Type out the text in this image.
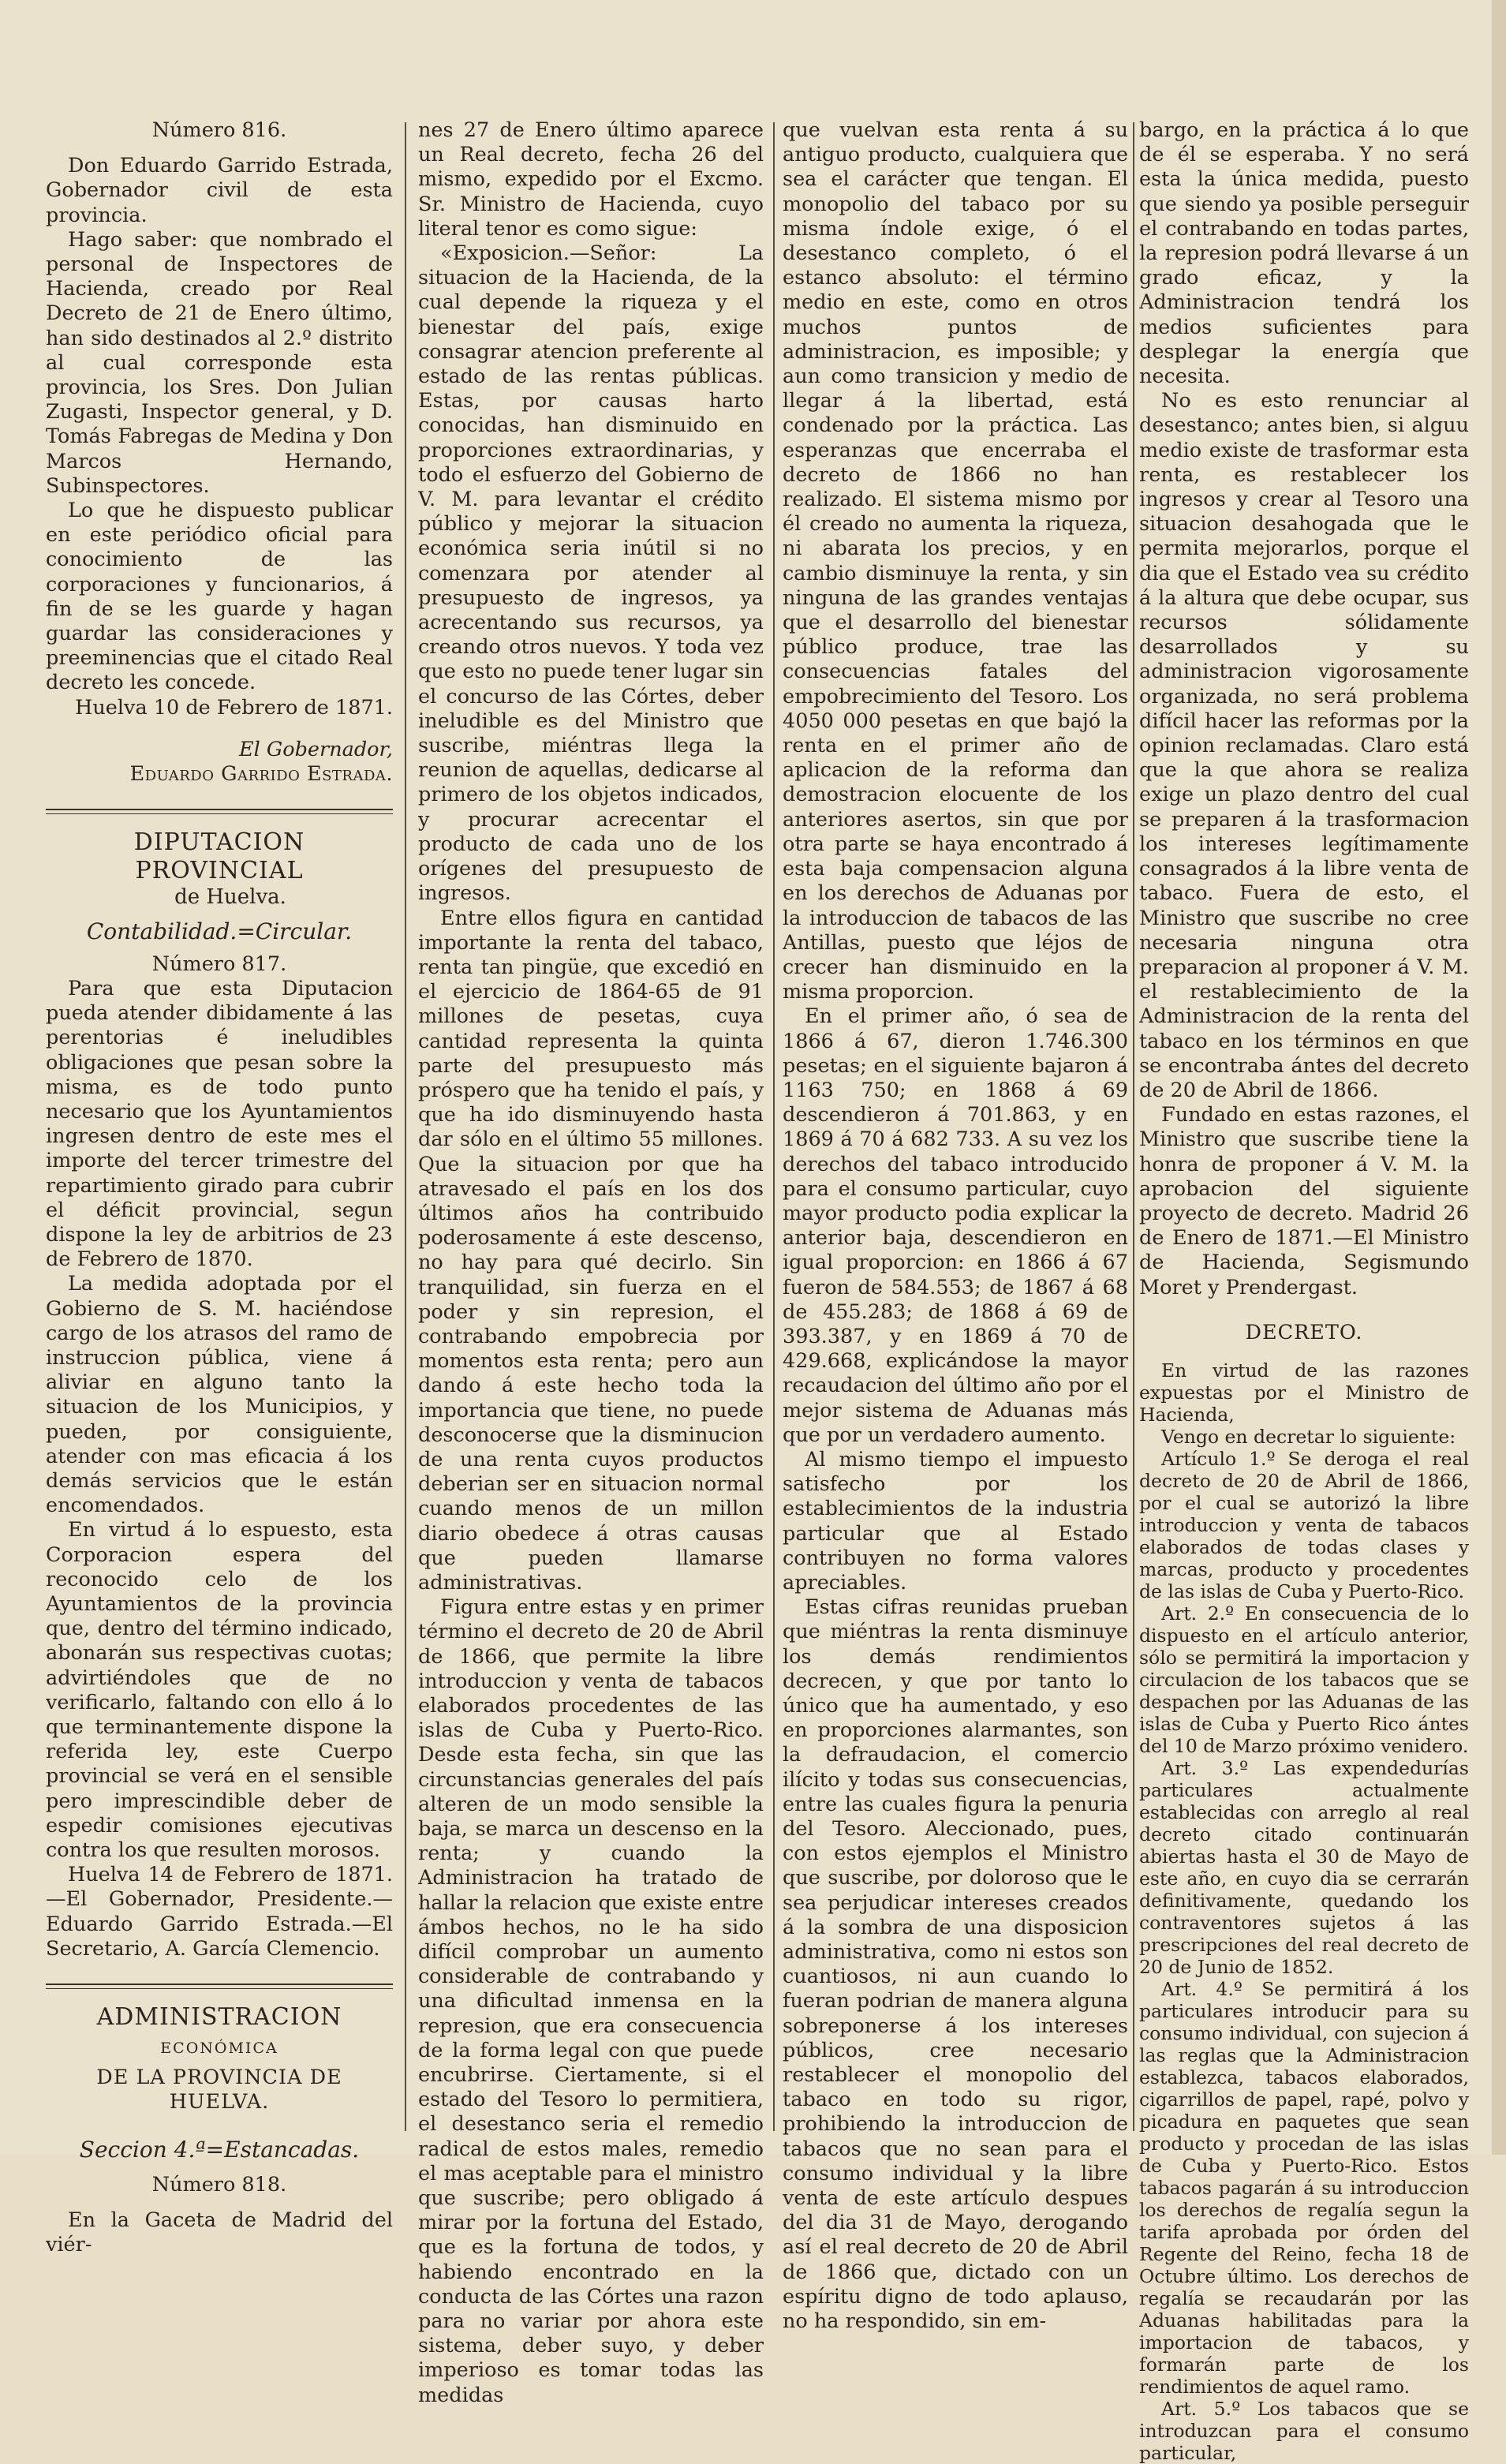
Número 816.

Don Eduardo Garrido Estrada, Gobernador civil de esta provincia.

Hago saber: que nombrado el personal de Inspectores de Hacienda, creado por Real Decreto de 21 de Enero último, han sido destinados al 2.º distrito al cual corresponde esta provincia, los Sres. Don Julian Zugasti, Inspector general, y D. Tomás Fabregas de Medina y Don Marcos Hernando, Subinspectores.

Lo que he dispuesto publicar en este periódico oficial para conocimiento de las corporaciones y funcionarios, á fin de se les guarde y hagan guardar las consideraciones y preeminencias que el citado Real decreto les concede.

Huelva 10 de Febrero de 1871.

El Gobernador,

Eduardo Garrido Estrada.

DIPUTACION PROVINCIAL

de Huelva.

Contabilidad.=Circular.

Número 817.

Para que esta Diputacion pueda atender dibidamente á las perentorias é ineludibles obligaciones que pesan sobre la misma, es de todo punto necesario que los Ayuntamientos ingresen dentro de este mes el importe del tercer trimestre del repartimiento girado para cubrir el déficit provincial, segun dispone la ley de arbitrios de 23 de Febrero de 1870.

La medida adoptada por el Gobierno de S. M. haciéndose cargo de los atrasos del ramo de instruccion pública, viene á aliviar en alguno tanto la situacion de los Municipios, y pueden, por consiguiente, atender con mas eficacia á los demás servicios que le están encomendados.

En virtud á lo espuesto, esta Corporacion espera del reconocido celo de los Ayuntamientos de la provincia que, dentro del término indicado, abonarán sus respectivas cuotas; advirtiéndoles que de no verificarlo, faltando con ello á lo que terminantemente dispone la referida ley, este Cuerpo provincial se verá en el sensible pero imprescindible deber de espedir comisiones ejecutivas contra los que resulten morosos.

Huelva 14 de Febrero de 1871.—El Gobernador, Presidente.—Eduardo Garrido Estrada.—El Secretario, A. García Clemencio.

ADMINISTRACION

ECONÓMICA

DE LA PROVINCIA DE HUELVA.

Seccion 4.ª=Estancadas.

Número 818.

En la Gaceta de Madrid del viér-

nes 27 de Enero último aparece un Real decreto, fecha 26 del mismo, expedido por el Excmo. Sr. Ministro de Hacienda, cuyo literal tenor es como sigue:

«Exposicion.—Señor: La situacion de la Hacienda, de la cual depende la riqueza y el bienestar del país, exige consagrar atencion preferente al estado de las rentas públicas. Estas, por causas harto conocidas, han disminuido en proporciones extraordinarias, y todo el esfuerzo del Gobierno de V. M. para levantar el crédito público y mejorar la situacion económica seria inútil si no comenzara por atender al presupuesto de ingresos, ya acrecentando sus recursos, ya creando otros nuevos. Y toda vez que esto no puede tener lugar sin el concurso de las Córtes, deber ineludible es del Ministro que suscribe, miéntras llega la reunion de aquellas, dedicarse al primero de los objetos indicados, y procurar acrecentar el producto de cada uno de los orígenes del presupuesto de ingresos.

Entre ellos figura en cantidad importante la renta del tabaco, renta tan pingüe, que excedió en el ejercicio de 1864-65 de 91 millones de pesetas, cuya cantidad representa la quinta parte del presupuesto más próspero que ha tenido el país, y que ha ido disminuyendo hasta dar sólo en el último 55 millones. Que la situacion por que ha atravesado el país en los dos últimos años ha contribuido poderosamente á este descenso, no hay para qué decirlo. Sin tranquilidad, sin fuerza en el poder y sin represion, el contrabando empobrecia por momentos esta renta; pero aun dando á este hecho toda la importancia que tiene, no puede desconocerse que la disminucion de una renta cuyos productos deberian ser en situacion normal cuando menos de un millon diario obedece á otras causas que pueden llamarse administrativas.

Figura entre estas y en primer término el decreto de 20 de Abril de 1866, que permite la libre introduccion y venta de tabacos elaborados procedentes de las islas de Cuba y Puerto-Rico. Desde esta fecha, sin que las circunstancias generales del país alteren de un modo sensible la baja, se marca un descenso en la renta; y cuando la Administracion ha tratado de hallar la relacion que existe entre ámbos hechos, no le ha sido difícil comprobar un aumento considerable de contrabando y una dificultad inmensa en la represion, que era consecuencia de la forma legal con que puede encubrirse. Ciertamente, si el estado del Tesoro lo permitiera, el desestanco seria el remedio radical de estos males, remedio el mas aceptable para el ministro que suscribe; pero obligado á mirar por la fortuna del Estado, que es la fortuna de todos, y habiendo encontrado en la conducta de las Córtes una razon para no variar por ahora este sistema, deber suyo, y deber imperioso es tomar todas las medidas

que vuelvan esta renta á su antiguo producto, cualquiera que sea el carácter que tengan. El monopolio del tabaco por su misma índole exige, ó el desestanco completo, ó el estanco absoluto: el término medio en este, como en otros muchos puntos de administracion, es imposible; y aun como transicion y medio de llegar á la libertad, está condenado por la práctica. Las esperanzas que encerraba el decreto de 1866 no han realizado. El sistema mismo por él creado no aumenta la riqueza, ni abarata los precios, y en cambio disminuye la renta, y sin ninguna de las grandes ventajas que el desarrollo del bienestar público produce, trae las consecuencias fatales del empobrecimiento del Tesoro. Los 4050 000 pesetas en que bajó la renta en el primer año de aplicacion de la reforma dan demostracion elocuente de los anteriores asertos, sin que por otra parte se haya encontrado á esta baja compensacion alguna en los derechos de Aduanas por la introduccion de tabacos de las Antillas, puesto que léjos de crecer han disminuido en la misma proporcion.

En el primer año, ó sea de 1866 á 67, dieron 1.746.300 pesetas; en el siguiente bajaron á 1163 750; en 1868 á 69 descendieron á 701.863, y en 1869 á 70 á 682 733. A su vez los derechos del tabaco introducido para el consumo particular, cuyo mayor producto podia explicar la anterior baja, descendieron en igual proporcion: en 1866 á 67 fueron de 584.553; de 1867 á 68 de 455.283; de 1868 á 69 de 393.387, y en 1869 á 70 de 429.668, explicándose la mayor recaudacion del último año por el mejor sistema de Aduanas más que por un verdadero aumento.

Al mismo tiempo el impuesto satisfecho por los establecimientos de la industria particular que al Estado contribuyen no forma valores apreciables.

Estas cifras reunidas prueban que miéntras la renta disminuye los demás rendimientos decrecen, y que por tanto lo único que ha aumentado, y eso en proporciones alarmantes, son la defraudacion, el comercio ilícito y todas sus consecuencias, entre las cuales figura la penuria del Tesoro. Aleccionado, pues, con estos ejemplos el Ministro que suscribe, por doloroso que le sea perjudicar intereses creados á la sombra de una disposicion administrativa, como ni estos son cuantiosos, ni aun cuando lo fueran podrian de manera alguna sobreponerse á los intereses públicos, cree necesario restablecer el monopolio del tabaco en todo su rigor, prohibiendo la introduccion de tabacos que no sean para el consumo individual y la libre venta de este artículo despues del dia 31 de Mayo, derogando así el real decreto de 20 de Abril de 1866 que, dictado con un espíritu digno de todo aplauso, no ha respondido, sin em-

bargo, en la práctica á lo que de él se esperaba. Y no será esta la única medida, puesto que siendo ya posible perseguir el contrabando en todas partes, la represion podrá llevarse á un grado eficaz, y la Administracion tendrá los medios suficientes para desplegar la energía que necesita.

No es esto renunciar al desestanco; antes bien, si alguu medio existe de trasformar esta renta, es restablecer los ingresos y crear al Tesoro una situacion desahogada que le permita mejorarlos, porque el dia que el Estado vea su crédito á la altura que debe ocupar, sus recursos sólidamente desarrollados y su administracion vigorosamente organizada, no será problema difícil hacer las reformas por la opinion reclamadas. Claro está que la que ahora se realiza exige un plazo dentro del cual se preparen á la trasformacion los intereses legítimamente consagrados á la libre venta de tabaco. Fuera de esto, el Ministro que suscribe no cree necesaria ninguna otra preparacion al proponer á V. M. el restablecimiento de la Administracion de la renta del tabaco en los términos en que se encontraba ántes del decreto de 20 de Abril de 1866.

Fundado en estas razones, el Ministro que suscribe tiene la honra de proponer á V. M. la aprobacion del siguiente proyecto de decreto. Madrid 26 de Enero de 1871.—El Ministro de Hacienda, Segismundo Moret y Prendergast.

DECRETO.

En virtud de las razones expuestas por el Ministro de Hacienda,

Vengo en decretar lo siguiente:

Artículo 1.º Se deroga el real decreto de 20 de Abril de 1866, por el cual se autorizó la libre introduccion y venta de tabacos elaborados de todas clases y marcas, producto y procedentes de las islas de Cuba y Puerto-Rico.

Art. 2.º En consecuencia de lo dispuesto en el artículo anterior, sólo se permitirá la importacion y circulacion de los tabacos que se despachen por las Aduanas de las islas de Cuba y Puerto Rico ántes del 10 de Marzo próximo venidero.

Art. 3.º Las expendedurías particulares actualmente establecidas con arreglo al real decreto citado continuarán abiertas hasta el 30 de Mayo de este año, en cuyo dia se cerrarán definitivamente, quedando los contraventores sujetos á las prescripciones del real decreto de 20 de Junio de 1852.

Art. 4.º Se permitirá á los particulares introducir para su consumo individual, con sujecion á las reglas que la Administracion establezca, tabacos elaborados, cigarrillos de papel, rapé, polvo y picadura en paquetes que sean producto y procedan de las islas de Cuba y Puerto-Rico. Estos tabacos pagarán á su introduccion los derechos de regalía segun la tarifa aprobada por órden del Regente del Reino, fecha 18 de Octubre último. Los derechos de regalía se recaudarán por las Aduanas habilitadas para la importacion de tabacos, y formarán parte de los rendimientos de aquel ramo.

Art. 5.º Los tabacos que se introduzcan para el consumo particular,
